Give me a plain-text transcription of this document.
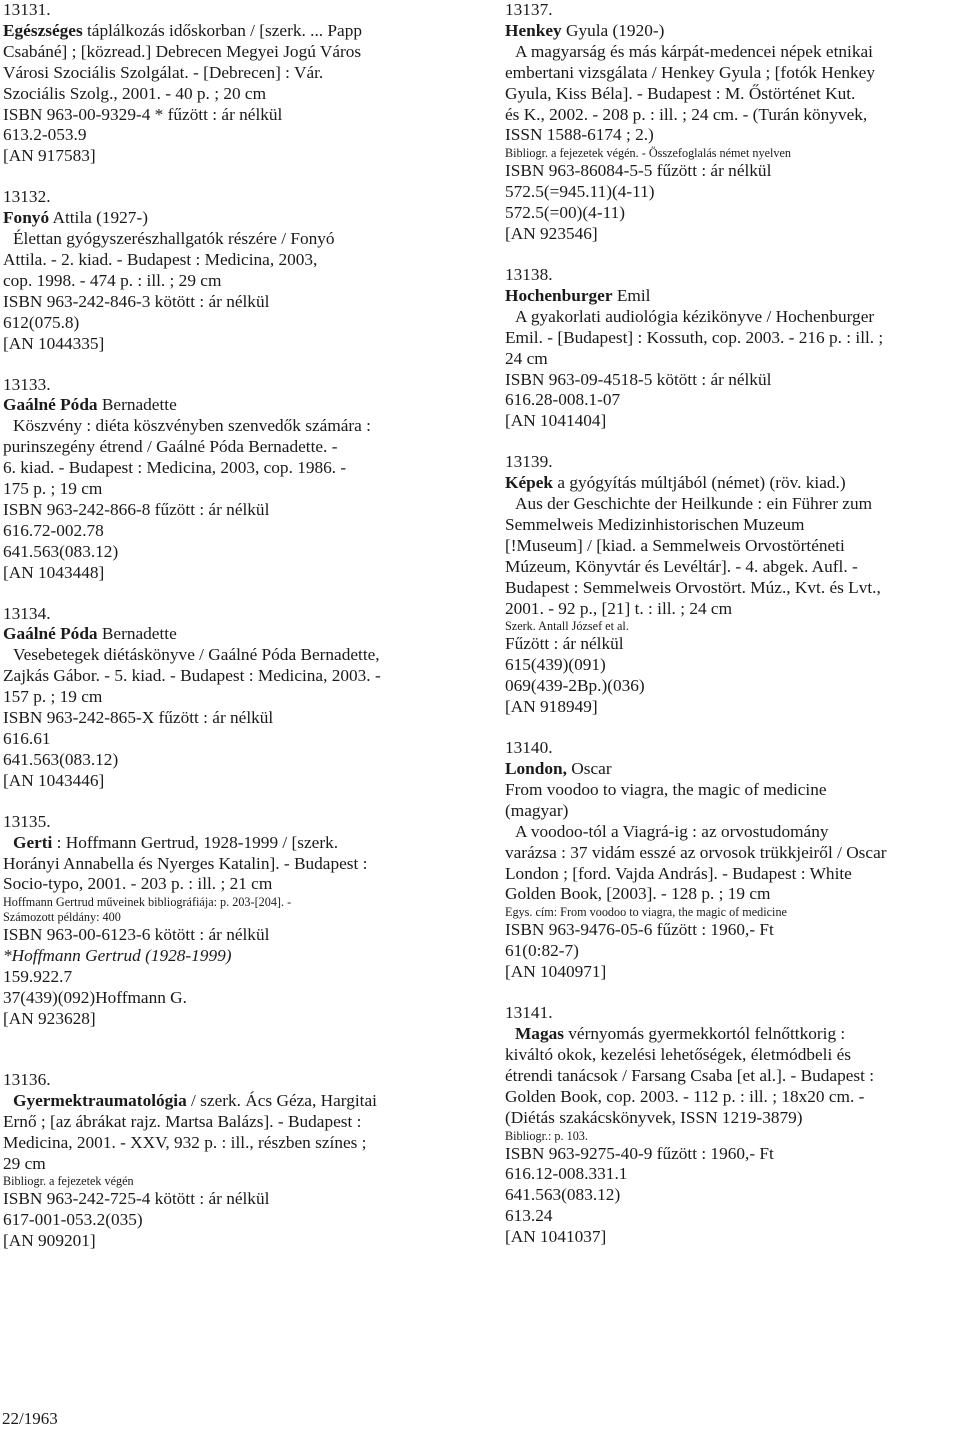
13131.
Egészséges táplálkozás időskorban / [szerk. ... Papp
Csabáné] ; [közread.] Debrecen Megyei Jogú Város
Városi Szociális Szolgálat. - [Debrecen] : Vár.
Szociális Szolg., 2001. - 40 p. ; 20 cm
ISBN 963-00-9329-4 * fűzött : ár nélkül
613.2-053.9
[AN 917583]
13132.
Fonyó Attila (1927-)
Élettan gyógyszerészhallgatók részére / Fonyó
Attila. - 2. kiad. - Budapest : Medicina, 2003,
cop. 1998. - 474 p. : ill. ; 29 cm
ISBN 963-242-846-3 kötött : ár nélkül
612(075.8)
[AN 1044335]
13133.
Gaálné Póda Bernadette
Köszvény : diéta köszvényben szenvedők számára :
purinszegény étrend / Gaálné Póda Bernadette. -
6. kiad. - Budapest : Medicina, 2003, cop. 1986. -
175 p. ; 19 cm
ISBN 963-242-866-8 fűzött : ár nélkül
616.72-002.78
641.563(083.12)
[AN 1043448]
13134.
Gaálné Póda Bernadette
Vesebetegek diétáskönyve / Gaálné Póda Bernadette,
Zajkás Gábor. - 5. kiad. - Budapest : Medicina, 2003. -
157 p. ; 19 cm
ISBN 963-242-865-X fűzött : ár nélkül
616.61
641.563(083.12)
[AN 1043446]
13135.
Gerti : Hoffmann Gertrud, 1928-1999 / [szerk.
Horányi Annabella és Nyerges Katalin]. - Budapest :
Socio-typo, 2001. - 203 p. : ill. ; 21 cm
Hoffmann Gertrud műveinek bibliográfiája: p. 203-[204]. -
Számozott példány: 400
ISBN 963-00-6123-6 kötött : ár nélkül
*Hoffmann Gertrud (1928-1999)
159.922.7
37(439)(092)Hoffmann G.
[AN 923628]
13136.
Gyermektraumatológia / szerk. Ács Géza, Hargitai
Ernő ; [az ábrákat rajz. Martsa Balázs]. - Budapest :
Medicina, 2001. - XXV, 932 p. : ill., részben színes ;
29 cm
Bibliogr. a fejezetek végén
ISBN 963-242-725-4 kötött : ár nélkül
617-001-053.2(035)
[AN 909201]
13137.
Henkey Gyula (1920-)
A magyarság és más kárpát-medencei népek etnikai
embertani vizsgálata / Henkey Gyula ; [fotók Henkey
Gyula, Kiss Béla]. - Budapest : M. Őstörténet Kut.
és K., 2002. - 208 p. : ill. ; 24 cm. - (Turán könyvek,
ISSN 1588-6174 ; 2.)
Bibliogr. a fejezetek végén. - Összefoglalás német nyelven
ISBN 963-86084-5-5 fűzött : ár nélkül
572.5(=945.11)(4-11)
572.5(=00)(4-11)
[AN 923546]
13138.
Hochenburger Emil
A gyakorlati audiológia kézikönyve / Hochenburger
Emil. - [Budapest] : Kossuth, cop. 2003. - 216 p. : ill. ;
24 cm
ISBN 963-09-4518-5 kötött : ár nélkül
616.28-008.1-07
[AN 1041404]
13139.
Képek a gyógyítás múltjából (német) (röv. kiad.)
Aus der Geschichte der Heilkunde : ein Führer zum
Semmelweis Medizinhistorischen Muzeum
[!Museum] / [kiad. a Semmelweis Orvostörténeti
Múzeum, Könyvtár és Levéltár]. - 4. abgek. Aufl. -
Budapest : Semmelweis Orvostört. Múz., Kvt. és Lvt.,
2001. - 92 p., [21] t. : ill. ; 24 cm
Szerk. Antall József et al.
Fűzött : ár nélkül
615(439)(091)
069(439-2Bp.)(036)
[AN 918949]
13140.
London, Oscar
From voodoo to viagra, the magic of medicine
(magyar)
A voodoo-tól a Viagrá-ig : az orvostudomány
varázsa : 37 vidám esszé az orvosok trükkjeiről / Oscar
London ; [ford. Vajda András]. - Budapest : White
Golden Book, [2003]. - 128 p. ; 19 cm
Egys. cím: From voodoo to viagra, the magic of medicine
ISBN 963-9476-05-6 fűzött : 1960,- Ft
61(0:82-7)
[AN 1040971]
13141.
Magas vérnyomás gyermekkortól felnőttkorig :
kiváltó okok, kezelési lehetőségek, életmódbeli és
étrendi tanácsok / Farsang Csaba [et al.]. - Budapest :
Golden Book, cop. 2003. - 112 p. : ill. ; 18x20 cm. -
(Diétás szakácskönyvek, ISSN 1219-3879)
Bibliogr.: p. 103.
ISBN 963-9275-40-9 fűzött : 1960,- Ft
616.12-008.331.1
641.563(083.12)
613.24
[AN 1041037]
22/1963
